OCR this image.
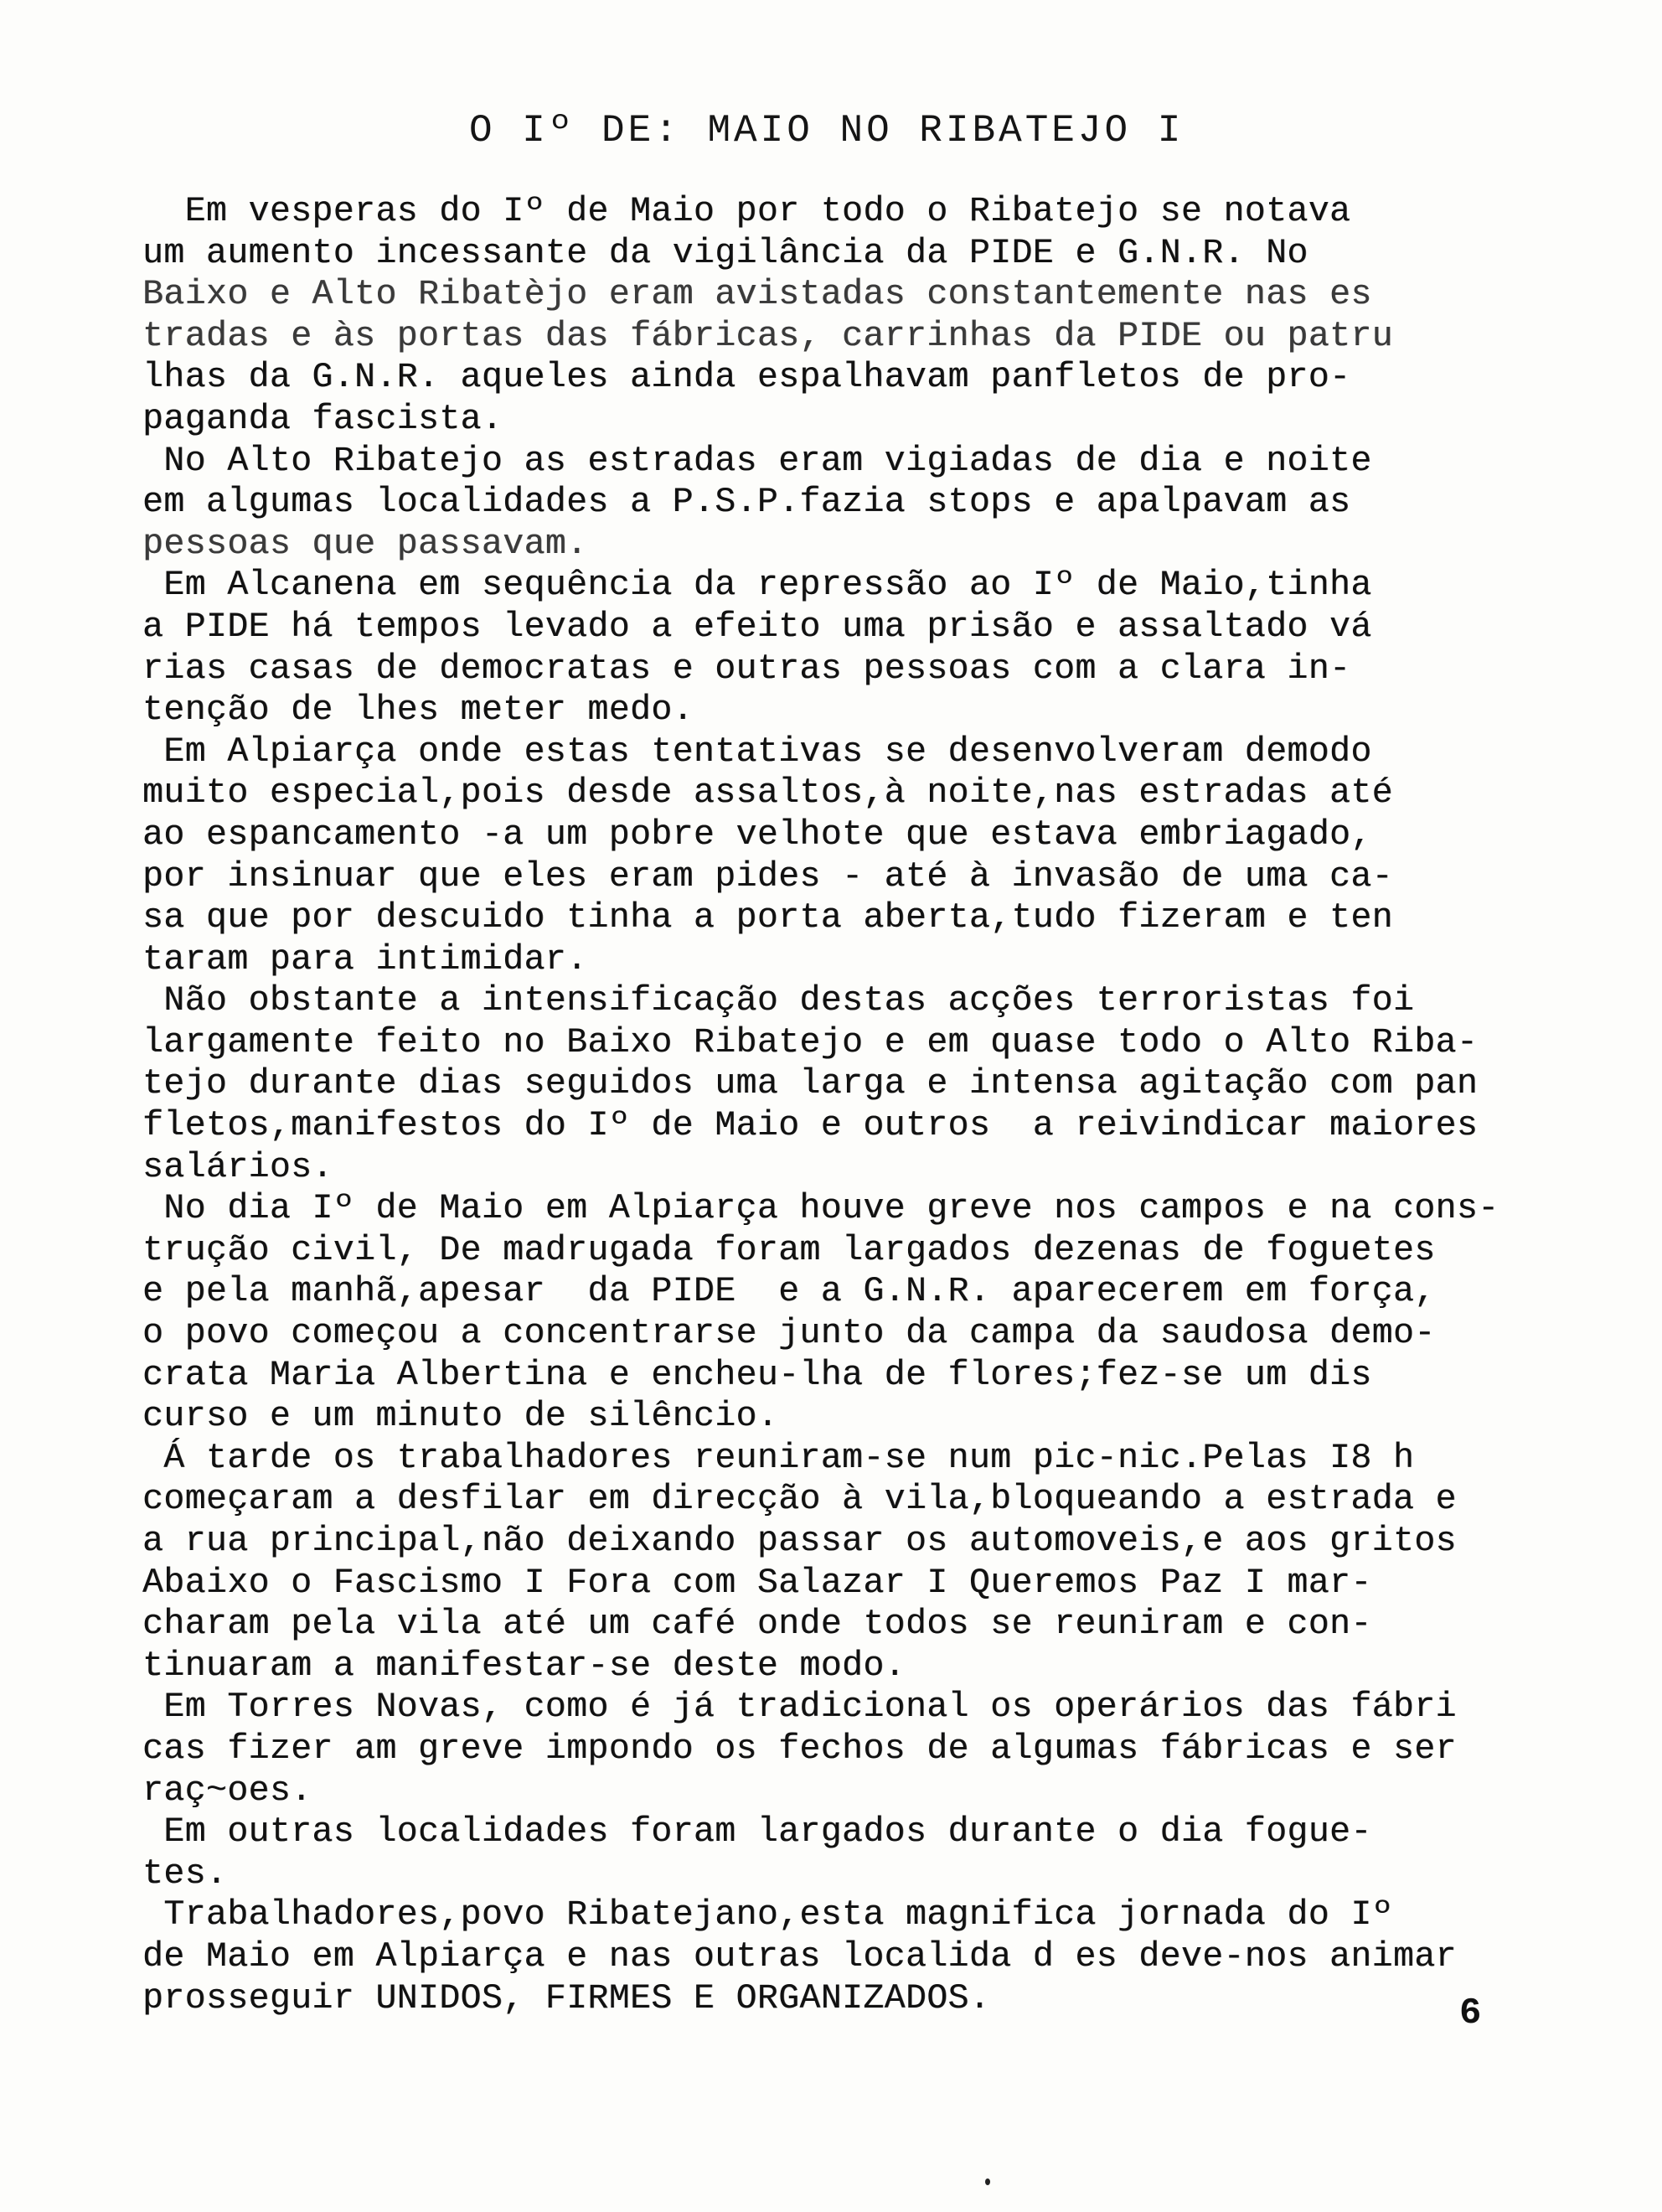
O Iº DE: MAIO NO RIBATEJO I
Em vesperas do Iº de Maio por todo o Ribatejo se notava
um aumento incessante da vigilância da PIDE e G.N.R. No
Baixo e Alto Ribatèjo eram avistadas constantemente nas es
tradas e às portas das fábricas, carrinhas da PIDE ou patru
lhas da G.N.R. aqueles ainda espalhavam panfletos de pro-
paganda fascista.
No Alto Ribatejo as estradas eram vigiadas de dia e noite
em algumas localidades a P.S.P.fazia stops e apalpavam as
pessoas que passavam.
Em Alcanena em sequência da repressão ao Iº de Maio,tinha
a PIDE há tempos levado a efeito uma prisão e assaltado vá
rias casas de democratas e outras pessoas com a clara in-
tenção de lhes meter medo.
Em Alpiarça onde estas tentativas se desenvolveram demodo
muito especial,pois desde assaltos,à noite,nas estradas até
ao espancamento -a um pobre velhote que estava embriagado,
por insinuar que eles eram pides - até à invasão de uma ca-
sa que por descuido tinha a porta aberta,tudo fizeram e ten
taram para intimidar.
Não obstante a intensificação destas acções terroristas foi
largamente feito no Baixo Ribatejo e em quase todo o Alto Riba-
tejo durante dias seguidos uma larga e intensa agitação com pan
fletos,manifestos do Iº de Maio e outros  a reivindicar maiores
salários.
No dia Iº de Maio em Alpiarça houve greve nos campos e na cons-
trução civil, De madrugada foram largados dezenas de foguetes
e pela manhã,apesar  da PIDE  e a G.N.R. aparecerem em força,
o povo começou a concentrarse junto da campa da saudosa demo-
crata Maria Albertina e encheu-lha de flores;fez-se um dis
curso e um minuto de silêncio.
Á tarde os trabalhadores reuniram-se num pic-nic.Pelas I8 h
começaram a desfilar em direcção à vila,bloqueando a estrada e
a rua principal,não deixando passar os automoveis,e aos gritos
Abaixo o Fascismo I Fora com Salazar I Queremos Paz I mar-
charam pela vila até um café onde todos se reuniram e con-
tinuaram a manifestar-se deste modo.
Em Torres Novas, como é já tradicional os operários das fábri
cas fizer am greve impondo os fechos de algumas fábricas e ser
raç~oes.
Em outras localidades foram largados durante o dia fogue-
tes.
Trabalhadores,povo Ribatejano,esta magnifica jornada do Iº
de Maio em Alpiarça e nas outras localida d es deve-nos animar
prosseguir UNIDOS, FIRMES E ORGANIZADOS.	6
